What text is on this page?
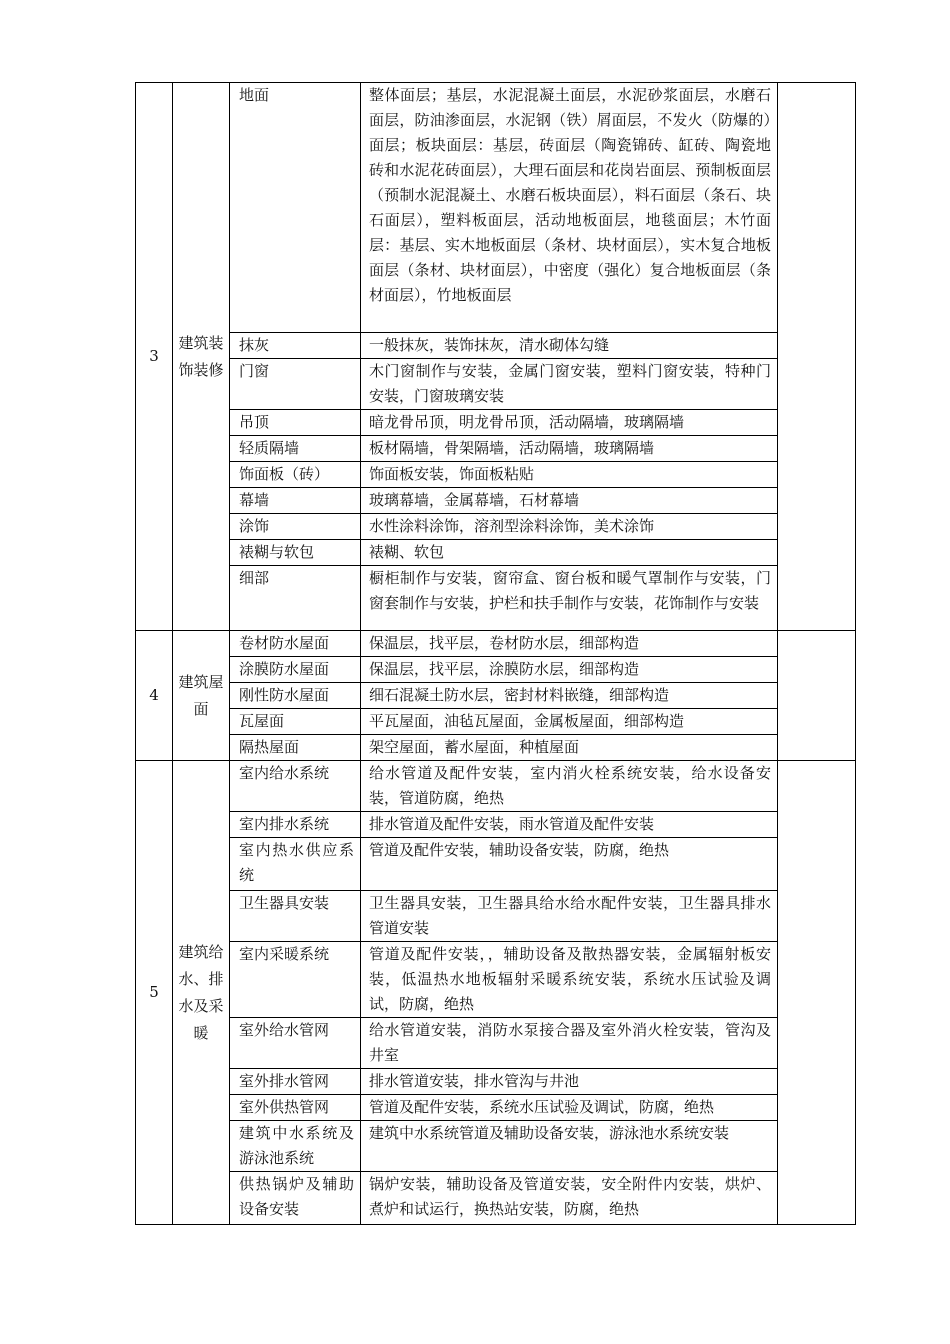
3	建筑装饰装修	地面	整体面层；基层，水泥混凝土面层，水泥砂浆面层，水磨石面层，防油渗面层，水泥钢（铁）屑面层，不发火（防爆的）面层；板块面层：基层，砖面层（陶瓷锦砖、缸砖、陶瓷地砖和水泥花砖面层），大理石面层和花岗岩面层、预制板面层（预制水泥混凝土、水磨石板块面层），料石面层（条石、块石面层），塑料板面层，活动地板面层，地毯面层；木竹面层：基层、实木地板面层（条材、块材面层），实木复合地板面层（条材、块材面层），中密度（强化）复合地板面层（条材面层），竹地板面层	
		抹灰	一般抹灰，装饰抹灰，清水砌体勾缝	
		门窗	木门窗制作与安装，金属门窗安装，塑料门窗安装，特种门安装，门窗玻璃安装	
		吊顶	暗龙骨吊顶，明龙骨吊顶，活动隔墙，玻璃隔墙	
		轻质隔墙	板材隔墙，骨架隔墙，活动隔墙，玻璃隔墙	
		饰面板（砖）	饰面板安装，饰面板粘贴	
		幕墙	玻璃幕墙，金属幕墙，石材幕墙	
		涂饰	水性涂料涂饰，溶剂型涂料涂饰，美术涂饰	
		裱糊与软包	裱糊、软包	
		细部	橱柜制作与安装，窗帘盒、窗台板和暖气罩制作与安装，门窗套制作与安装，护栏和扶手制作与安装，花饰制作与安装	
4	建筑屋面	卷材防水屋面	保温层，找平层，卷材防水层，细部构造	
		涂膜防水屋面	保温层，找平层，涂膜防水层，细部构造	
		刚性防水屋面	细石混凝土防水层，密封材料嵌缝，细部构造	
		瓦屋面	平瓦屋面，油毡瓦屋面，金属板屋面，细部构造	
		隔热屋面	架空屋面，蓄水屋面，种植屋面	
5	建筑给水、排水及采暖	室内给水系统	给水管道及配件安装，室内消火栓系统安装，给水设备安装，管道防腐，绝热	
		室内排水系统	排水管道及配件安装，雨水管道及配件安装	
		室内热水供应系统	管道及配件安装，辅助设备安装，防腐，绝热	
		卫生器具安装	卫生器具安装，卫生器具给水给水配件安装，卫生器具排水管道安装	
		室内采暖系统	管道及配件安装，，辅助设备及散热器安装，金属辐射板安装，低温热水地板辐射采暖系统安装，系统水压试验及调试，防腐，绝热	
		室外给水管网	给水管道安装，消防水泵接合器及室外消火栓安装，管沟及井室	
		室外排水管网	排水管道安装，排水管沟与井池	
		室外供热管网	管道及配件安装，系统水压试验及调试，防腐，绝热	
		建筑中水系统及游泳池系统	建筑中水系统管道及辅助设备安装，游泳池水系统安装	
		供热锅炉及辅助设备安装	锅炉安装，辅助设备及管道安装，安全附件内安装，烘炉、煮炉和试运行，换热站安装，防腐，绝热	
